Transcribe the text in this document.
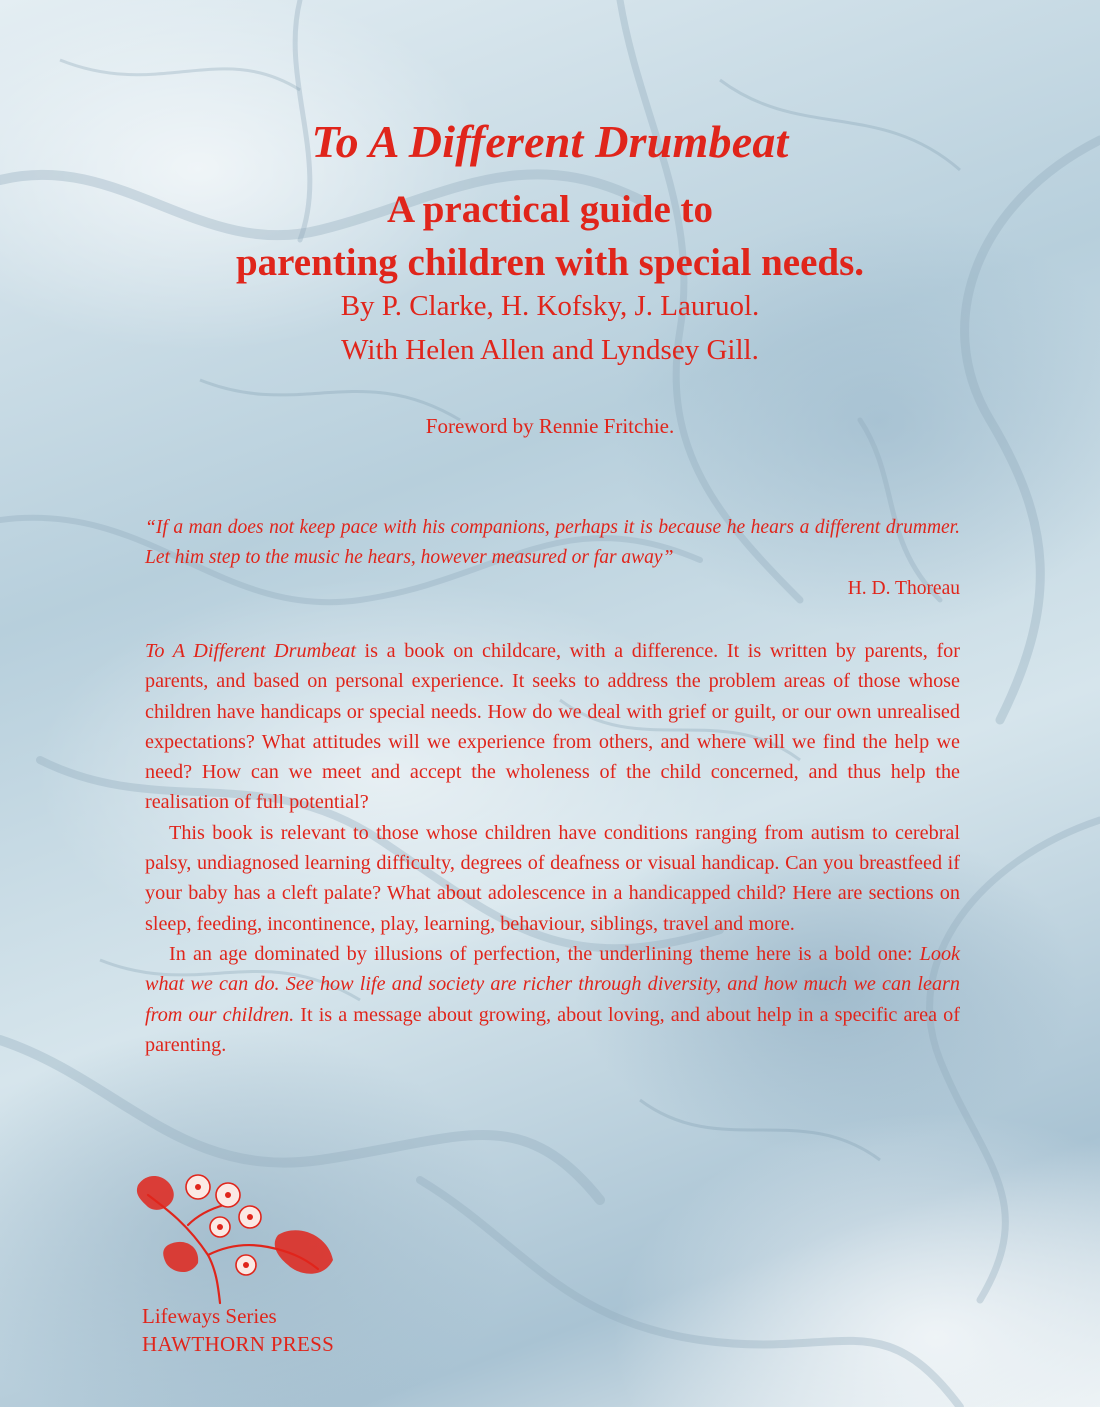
To A Different Drumbeat
A practical guide to
parenting children with special needs.
By P. Clarke, H. Kofsky, J. Lauruol.
With Helen Allen and Lyndsey Gill.
Foreword by Rennie Fritchie.
“If a man does not keep pace with his companions, perhaps it is because he hears a different drummer. Let him step to the music he hears, however measured or far away”
H. D. Thoreau

To A Different Drumbeat is a book on childcare, with a difference. It is written by parents, for parents, and based on personal experience. It seeks to address the problem areas of those whose children have handicaps or special needs. How do we deal with grief or guilt, or our own unrealised expectations? What attitudes will we experience from others, and where will we find the help we need? How can we meet and accept the wholeness of the child concerned, and thus help the realisation of full potential?

This book is relevant to those whose children have conditions ranging from autism to cerebral palsy, undiagnosed learning difficulty, degrees of deafness or visual handicap. Can you breastfeed if your baby has a cleft palate? What about adolescence in a handicapped child? Here are sections on sleep, feeding, incontinence, play, learning, behaviour, siblings, travel and more.

In an age dominated by illusions of perfection, the underlining theme here is a bold one: Look what we can do. See how life and society are richer through diversity, and how much we can learn from our children. It is a message about growing, about loving, and about help in a specific area of parenting.

Lifeways Series
HAWTHORN PRESS
